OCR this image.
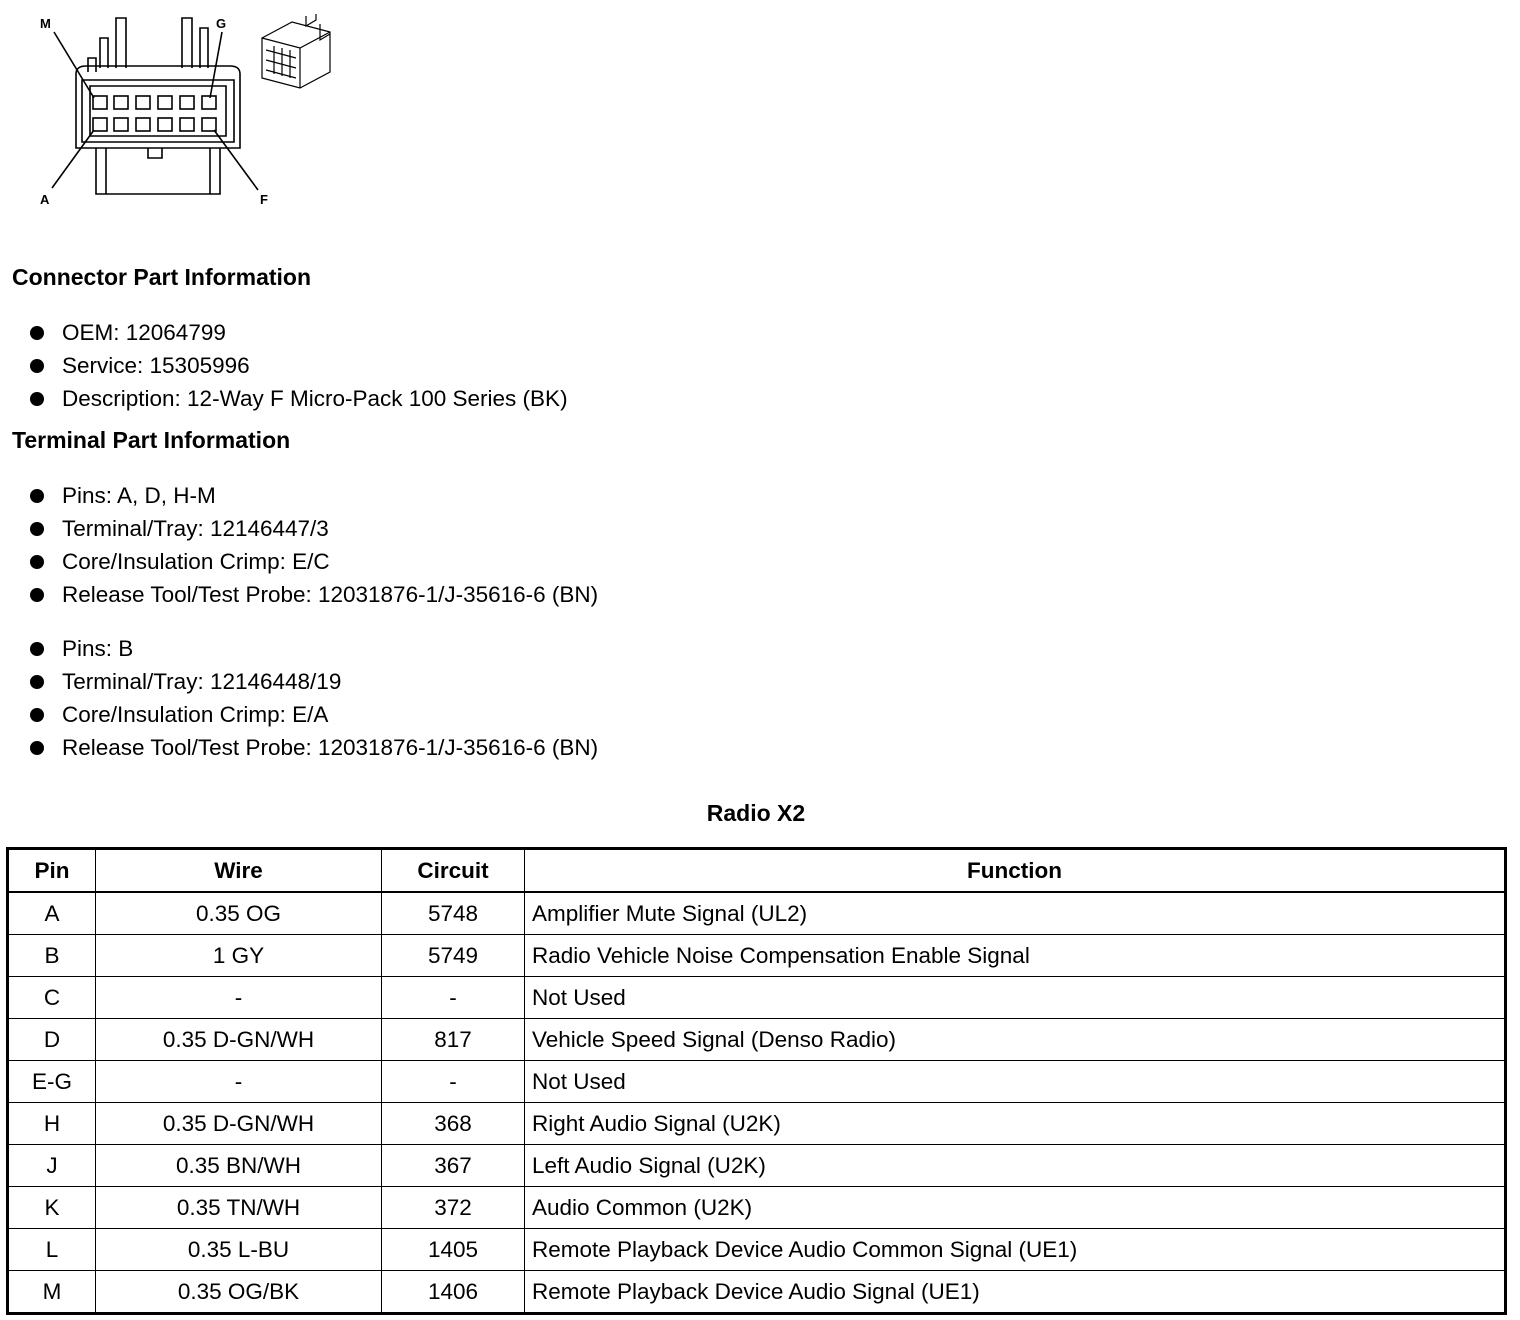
M	G
A	F
Connector Part Information
OEM: 12064799
Service: 15305996
Description: 12-Way F Micro-Pack 100 Series (BK)
Terminal Part Information
Pins: A, D, H-M
Terminal/Tray: 12146447/3
Core/Insulation Crimp: E/C
Release Tool/Test Probe: 12031876-1/J-35616-6 (BN)
Pins: B
Terminal/Tray: 12146448/19
Core/Insulation Crimp: E/A
Release Tool/Test Probe: 12031876-1/J-35616-6 (BN)
Radio X2
Pin	Wire	Circuit	Function
A	0.35 OG	5748	Amplifier Mute Signal (UL2)
B	1 GY	5749	Radio Vehicle Noise Compensation Enable Signal
C	-	-	Not Used
D	0.35 D-GN/WH	817	Vehicle Speed Signal (Denso Radio)
E-G	-	-	Not Used
H	0.35 D-GN/WH	368	Right Audio Signal (U2K)
J	0.35 BN/WH	367	Left Audio Signal (U2K)
K	0.35 TN/WH	372	Audio Common (U2K)
L	0.35 L-BU	1405	Remote Playback Device Audio Common Signal (UE1)
M	0.35 OG/BK	1406	Remote Playback Device Audio Signal (UE1)
